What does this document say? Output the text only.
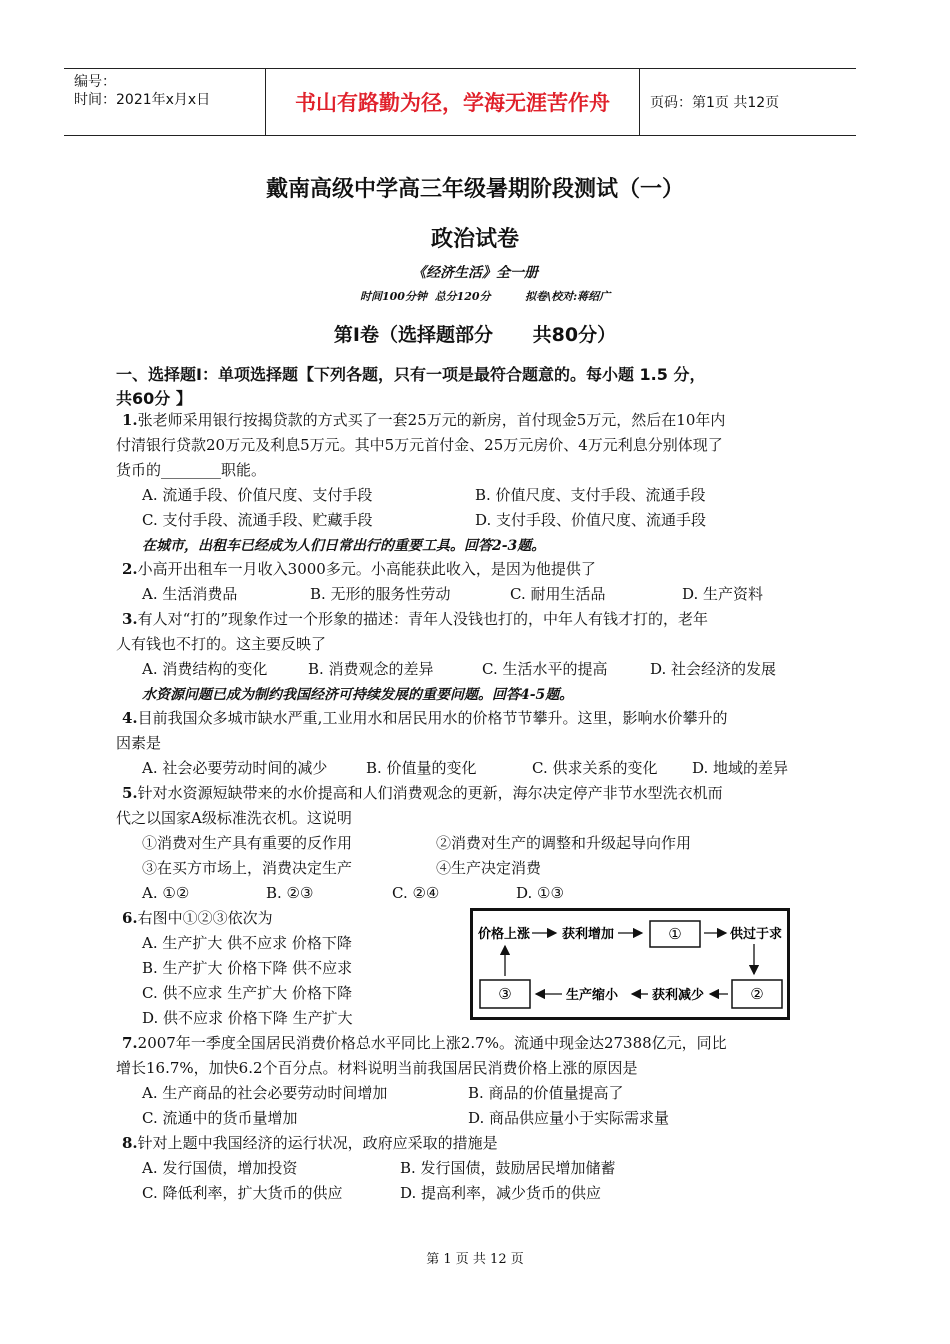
编号：
时间：2021年x月x日	书山有路勤为径，学海无涯苦作舟	页码：第1页 共12页
戴南高级中学高三年级暑期阶段测试（一）
政治试卷
《经济生活》全一册
时间100分钟  总分120分         拟卷\校对:蒋绍广
第Ⅰ卷（选择题部分      共80分）
一、选择题Ⅰ：单项选择题【下列各题，只有一项是最符合题意的。每小题 1.5 分，
共60分 】
1.张老师采用银行按揭贷款的方式买了一套25万元的新房，首付现金5万元，然后在10年内
付清银行贷款20万元及利息5万元。其中5万元首付金、25万元房价、4万元利息分别体现了
货币的________职能。
A. 流通手段、价值尺度、支付手段	B. 价值尺度、支付手段、流通手段
C. 支付手段、流通手段、贮藏手段	D. 支付手段、价值尺度、流通手段
在城市，出租车已经成为人们日常出行的重要工具。回答2-3题。
2.小高开出租车一月收入3000多元。小高能获此收入，是因为他提供了
A. 生活消费品	B. 无形的服务性劳动	C. 耐用生活品	D. 生产资料
3.有人对“打的”现象作过一个形象的描述：青年人没钱也打的，中年人有钱才打的，老年
人有钱也不打的。这主要反映了
A. 消费结构的变化	B. 消费观念的差异	C. 生活水平的提高	D. 社会经济的发展
水资源问题已成为制约我国经济可持续发展的重要问题。回答4-5题。
4.目前我国众多城市缺水严重,工业用水和居民用水的价格节节攀升。这里，影响水价攀升的
因素是
A. 社会必要劳动时间的减少	B. 价值量的变化	C. 供求关系的变化 D. 地域的差异
5.针对水资源短缺带来的水价提高和人们消费观念的更新，海尔决定停产非节水型洗衣机而
代之以国家A级标准洗衣机。这说明
①消费对生产具有重要的反作用	②消费对生产的调整和升级起导向作用
③在买方市场上，消费决定生产	④生产决定消费
A. ①②	B. ②③	C. ②④	D. ①③
6.右图中①②③依次为
A. 生产扩大 供不应求 价格下降
B. 生产扩大 价格下降 供不应求
C. 供不应求 生产扩大 价格下降
D. 供不应求 价格下降 生产扩大
价格上涨 获利增加	①	供过于求
②
获利减少
生产缩小
③
7.2007年一季度全国居民消费价格总水平同比上涨2.7%。流通中现金达27388亿元，同比
增长16.7%，加快6.2个百分点。材料说明当前我国居民消费价格上涨的原因是
A. 生产商品的社会必要劳动时间增加	B. 商品的价值量提高了
C. 流通中的货币量增加	D. 商品供应量小于实际需求量
8.针对上题中我国经济的运行状况，政府应采取的措施是
A. 发行国债，增加投资	B. 发行国债，鼓励居民增加储蓄
C. 降低利率，扩大货币的供应	D. 提高利率，减少货币的供应
第 1 页 共 12 页
